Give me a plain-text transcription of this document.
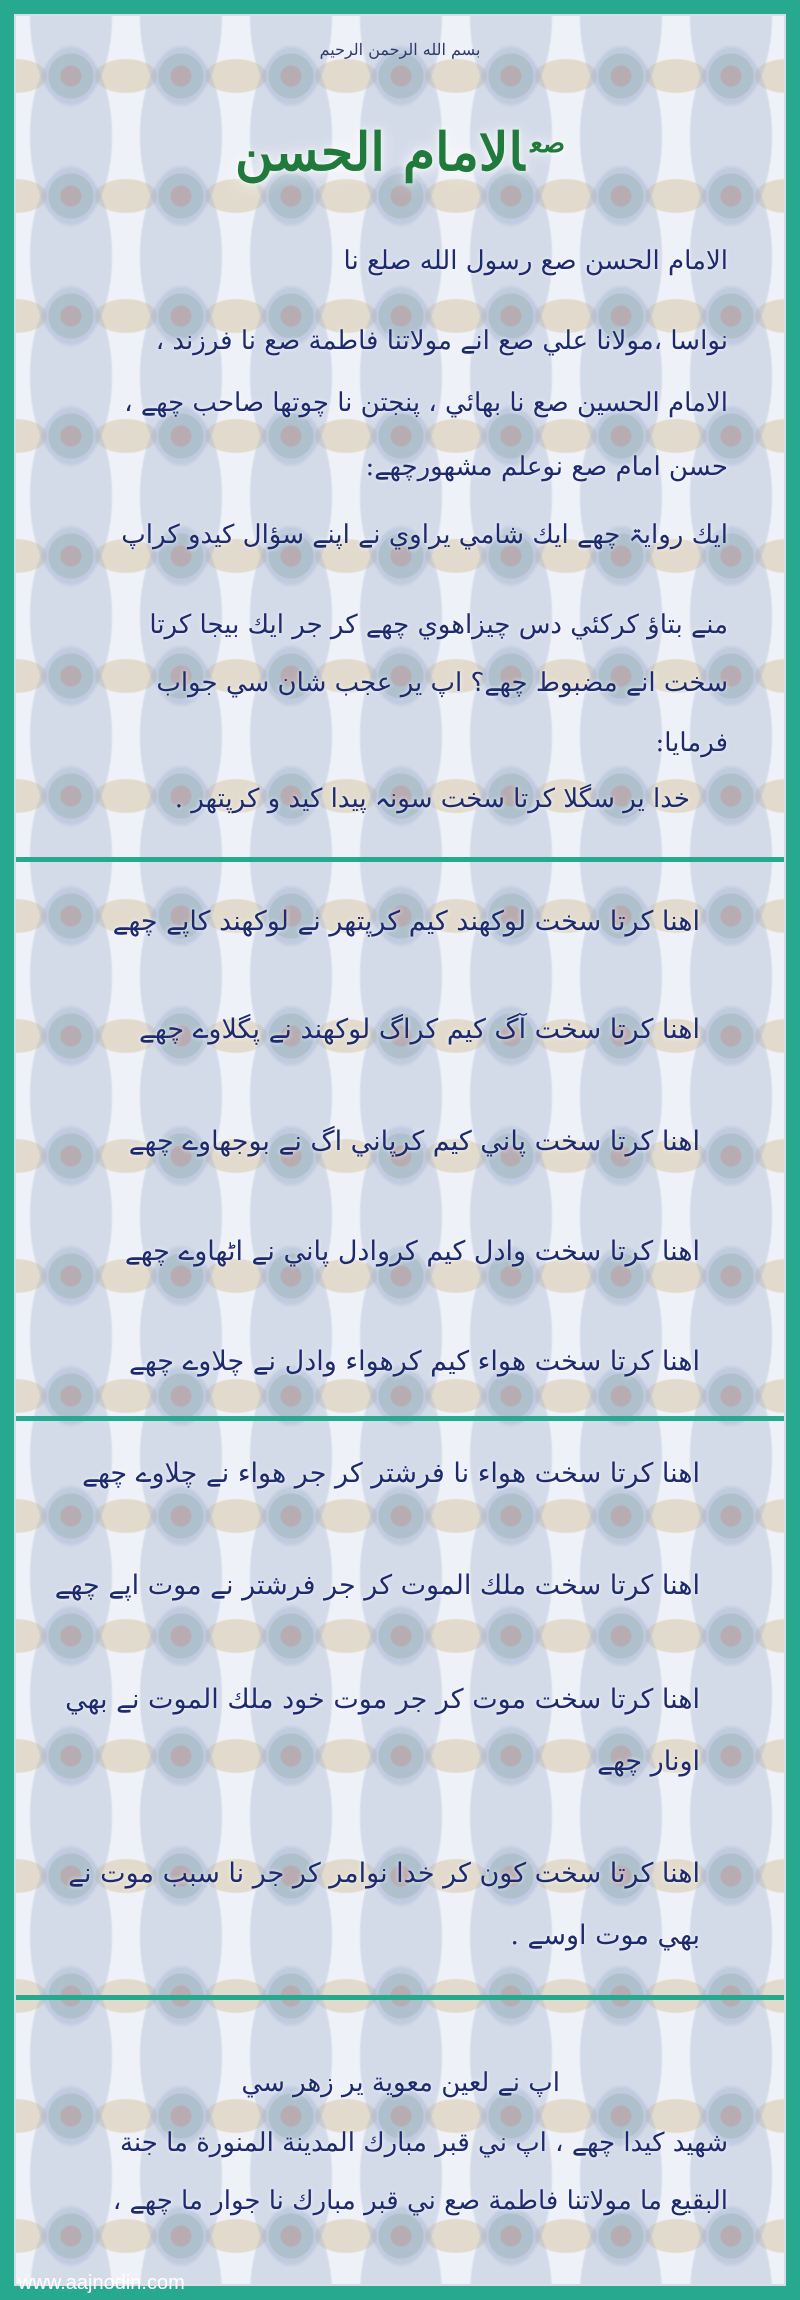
بسم الله الرحمن الرحيم
$^{صع}$الامام الحسن
الامام الحسن صع رسول الله صلع نا
نواسا ،مولانا علي صع انے مولاتنا فاطمة صع نا فرزند ،
الامام الحسين صع نا بھائي ، پنجتن نا چوتھا صاحب چھے ،
حسن امام صع نوعلم مشھورچھے:
ايك روايۃ چھے ايك شامي يراوي نے اپنے سؤال كيدو كراپ
منے بتاؤ كركئي دس چيزاھوي چھے كر جر ايك بيجا كرتا
سخت انے مضبوط چھے؟ اپ ير عجب شان سي جواب
فرمايا:
خدا ير سگلا كرتا سخت سونہ پيدا كيد و كرپتھر .
اھنا كرتا سخت لوكھند كيم كرپتھر نے لوكھند كاپے چھے
اھنا كرتا سخت آگ كيم كراگ لوكھند نے پگلاوے چھے
اھنا كرتا سخت پاني كيم كرپاني اگ نے بوجھاوے چھے
اھنا كرتا سخت وادل كيم كروادل پاني نے اٹھاوے چھے
اھنا كرتا سخت ھواء كيم كرھواء وادل نے چلاوے چھے
اھنا كرتا سخت ھواء نا فرشتر كر جر ھواء نے چلاوے چھے
اھنا كرتا سخت ملك الموت كر جر فرشتر نے موت اپے چھے
اھنا كرتا سخت موت كر جر موت خود ملك الموت نے بھي
اونار چھے
اھنا كرتا سخت كون كر خدا نوامر كر جر نا سبب موت نے
بھي موت اوسے .
اپ نے لعين معوية ير زھر سي
شھيد كيدا چھے ، اپ ني قبر مبارك المدينة المنورة ما جنة
البقيع ما مولاتنا فاطمة صع ني قبر مبارك نا جوار ما چھے ،
www.aajnodin.com
